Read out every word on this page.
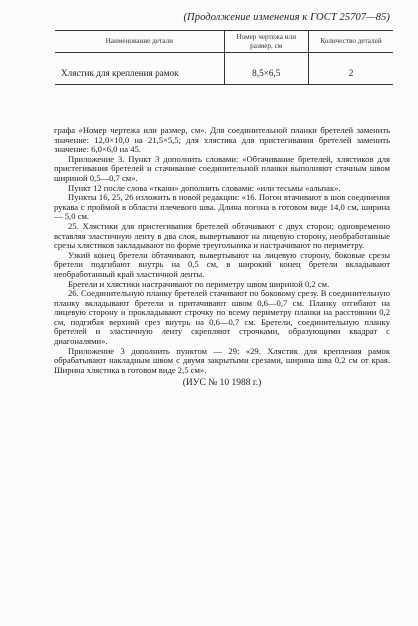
(Продолжение изменения к ГОСТ 25707—85)
Наименование детали	Номер чертежа или размер, см	Количество деталей
Хлястик для крепления рамок	8,5×6,5	2

графа «Номер чертежа или размер, см». Для соединительной планки бретелей заменить значение: 12,0×10,0 на 21,5×5,5; для хлястика для пристегивания бретелей заменить значение: 6,0×6,0 на 45.

Приложение 3. Пункт 3 дополнить словами: «Обтачивание бретелей, хлястиков для пристегивания бретелей и стачивание соединительной планки выполняют стачным швом шириной 0,5—0,7 см».

Пункт 12 после слова «ткани» дополнить словами: «или тесьмы «альпак».

Пункты 16, 25, 26 изложить в новой редакции: «16. Погон втачивают в шов соединения рукава с проймой в области плечевого шва. Длина погона в готовом виде 14,0 см, ширина — 5,0 см.

25. Хлястики для пристегивания бретелей обтачивают с двух сторон; одновременно вставляя эластичную ленту в два слоя, вывертывают на лицевую сторону, необработанные срезы хлястиков закладывают по форме треугольника и настрачивают по периметру.

Узкий конец бретели обтачивают, вывертывают на лицевую сторону, боковые срезы бретели подгибают внутрь на 0,5 см, в широкий конец бретели вкладывают необработанный край эластичной ленты.

Бретели и хлястики настрачивают по периметру швом шириной 0,2 см.

26. Соединительную планку бретелей стачивают по боковому срезу. В соединительную планку вкладывают бретели и притачивают швом 0,6—0,7 см. Планку отгибают на лицевую сторону и прокладывают строчку по всему периметру планки на расстоянии 0,2 см, подгибая верхний срез внутрь на 0,6—0,7 см. Бретели, соединительную планку бретелей и эластичную ленту скрепляют строчками, образующими квадрат с диагоналями».

Приложение 3 дополнить пунктом — 29: «29. Хлястик для крепления рамок обрабатывают накладным швом с двумя закрытыми срезами, ширина шва 0,2 см от края. Ширина хлястика в готовом виде 2,5 см».

(ИУС № 10 1988 г.)
